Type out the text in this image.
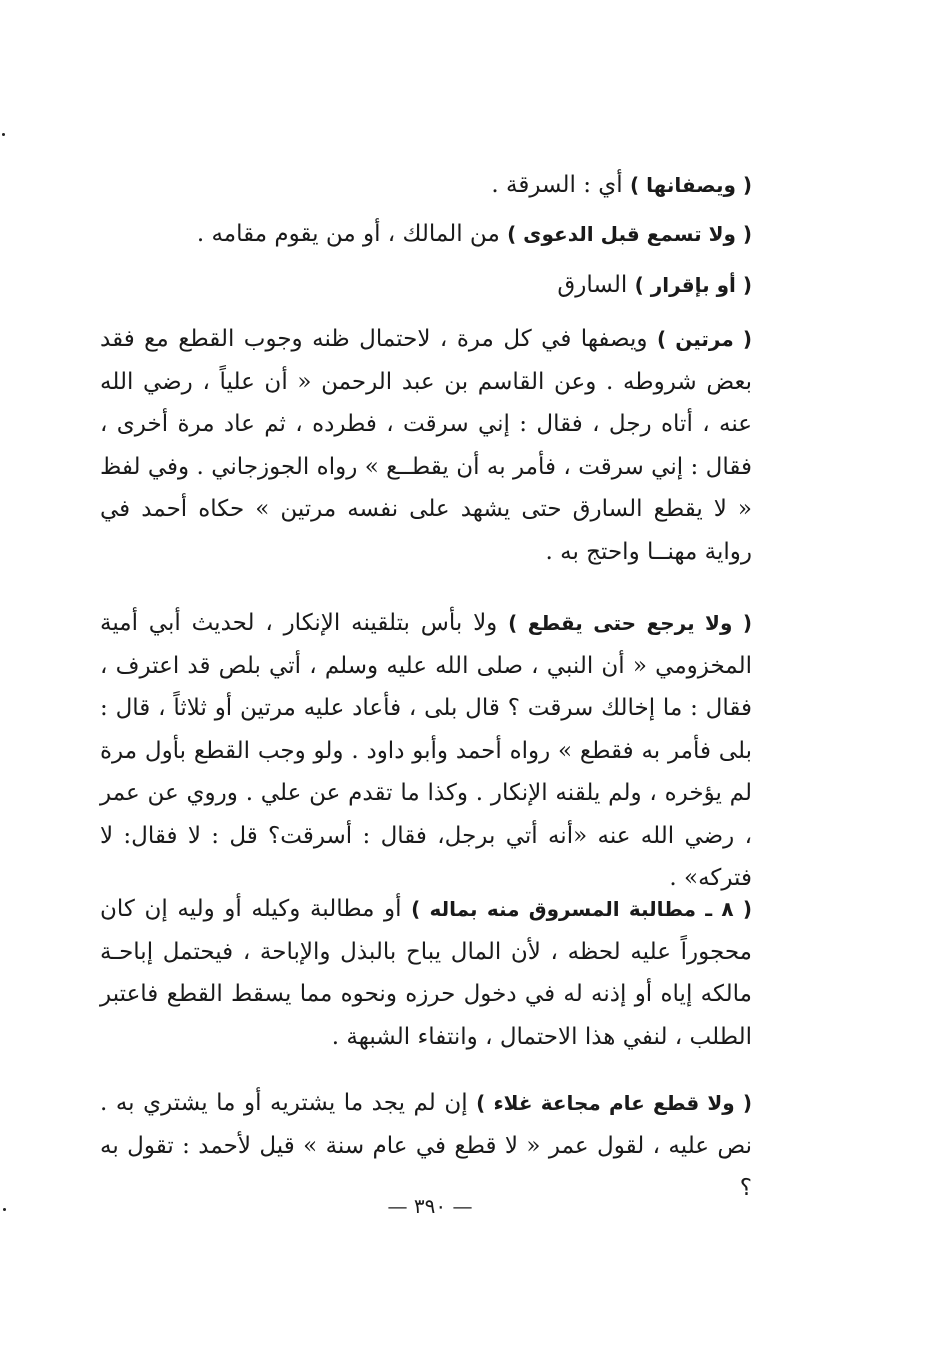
( ويصفانها ) أي : السرقة .
( ولا تسمع قبل الدعوى ) من المالك ، أو من يقوم مقامه .
( أو بإقرار ) السارق
( مرتين ) ويصفها في كل مرة ، لاحتمال ظنه وجوب القطع مع فقد بعض شروطه . وعن القاسم بن عبد الرحمن « أن علياً ، رضي الله عنه ، أتاه رجل ، فقال : إني سرقت ، فطرده ، ثم عاد مرة أخرى ، فقال : إني سرقت ، فأمر به أن يقطــع » رواه الجوزجاني . وفي لفظ « لا يقطع السارق حتى يشهد على نفسه مرتين » حكاه أحمد في رواية مهنــا واحتج به .
( ولا يرجع حتى يقطع ) ولا بأس بتلقينه الإنكار ، لحديث أبي أمية المخزومي « أن النبي ، صلى الله عليه وسلم ، أتي بلص قد اعترف ، فقال : ما إخالك سرقت ؟ قال بلى ، فأعاد عليه مرتين أو ثلاثاً ، قال : بلى فأمر به فقطع » رواه أحمد وأبو داود . ولو وجب القطع بأول مرة لم يؤخره ، ولم يلقنه الإنكار . وكذا ما تقدم عن علي . وروي عن عمر ، رضي الله عنه «أنه أتي برجل، فقال : أسرقت؟ قل : لا فقال: لا فتركه» .
( ٨ ـ مطالبة المسروق منه بماله ) أو مطالبة وكيله أو وليه إن كان محجوراً عليه لحظه ، لأن المال يباح بالبذل والإباحة ، فيحتمل إباحـة مالكه إياه أو إذنه له في دخول حرزه ونحوه مما يسقط القطع فاعتبر الطلب ، لنفي هذا الاحتمال ، وانتفاء الشبهة .
( ولا قطع عام مجاعة غلاء ) إن لم يجد ما يشتريه أو ما يشتري به . نص عليه ، لقول عمر « لا قطع في عام سنة » قيل لأحمد : تقول به ؟
— ٣٩٠ —
